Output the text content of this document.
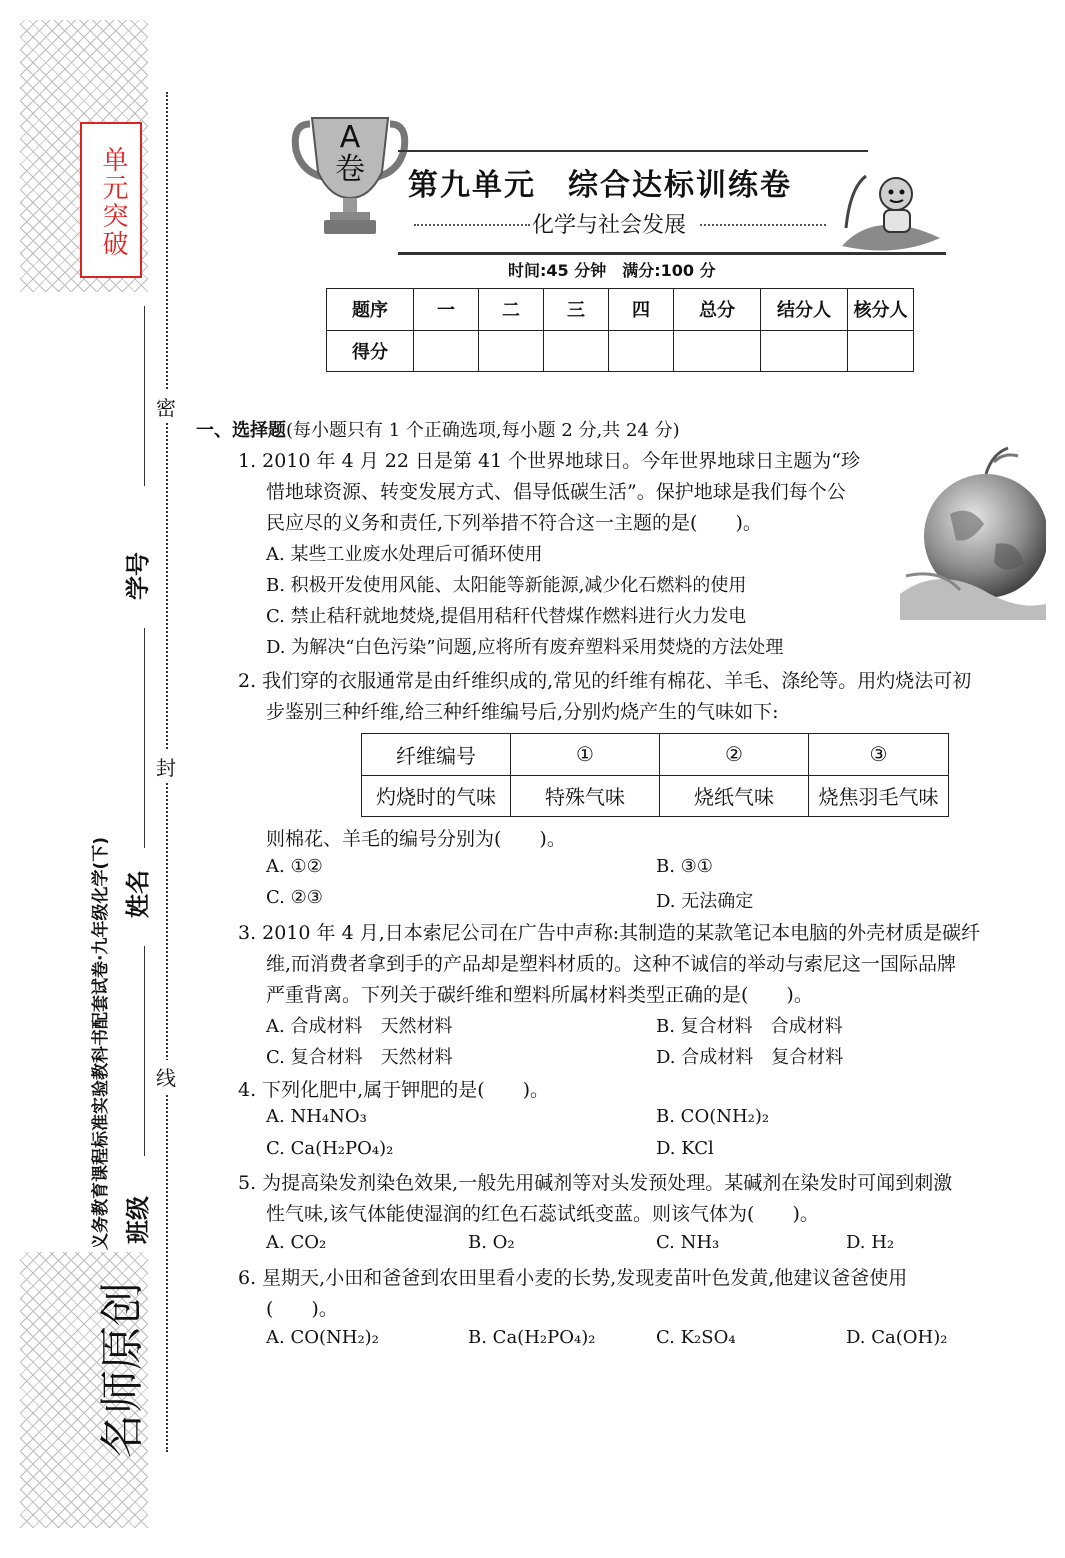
单元突破
学号
姓名
班级
义务教育课程标准实验教科书配套试卷·九年级化学(下)
名师原创
密
封
线
A卷 第九单元　综合达标训练卷
化学与社会发展
时间:45 分钟　满分:100 分
题序	一	二	三	四	总分	结分人	核分人
得分							
一、选择题(每小题只有 1 个正确选项,每小题 2 分,共 24 分)
1. 2010 年 4 月 22 日是第 41 个世界地球日。今年世界地球日主题为“珍
惜地球资源、转变发展方式、倡导低碳生活”。保护地球是我们每个公
民应尽的义务和责任,下列举措不符合这一主题的是(　　)。
A. 某些工业废水处理后可循环使用
B. 积极开发使用风能、太阳能等新能源,减少化石燃料的使用
C. 禁止秸秆就地焚烧,提倡用秸秆代替煤作燃料进行火力发电
D. 为解决“白色污染”问题,应将所有废弃塑料采用焚烧的方法处理
2. 我们穿的衣服通常是由纤维织成的,常见的纤维有棉花、羊毛、涤纶等。用灼烧法可初
步鉴别三种纤维,给三种纤维编号后,分别灼烧产生的气味如下:
纤维编号	①	②	③
灼烧时的气味	特殊气味	烧纸气味	烧焦羽毛气味
则棉花、羊毛的编号分别为(　　)。
A. ①②	B. ③①
C. ②③	D. 无法确定
3. 2010 年 4 月,日本索尼公司在广告中声称:其制造的某款笔记本电脑的外壳材质是碳纤
维,而消费者拿到手的产品却是塑料材质的。这种不诚信的举动与索尼这一国际品牌
严重背离。下列关于碳纤维和塑料所属材料类型正确的是(　　)。
A. 合成材料　天然材料	B. 复合材料　合成材料
C. 复合材料　天然材料	D. 合成材料　复合材料
4. 下列化肥中,属于钾肥的是(　　)。
A. NH₄NO₃	B. CO(NH₂)₂
C. Ca(H₂PO₄)₂	D. KCl
5. 为提高染发剂染色效果,一般先用碱剂等对头发预处理。某碱剂在染发时可闻到刺激
性气味,该气体能使湿润的红色石蕊试纸变蓝。则该气体为(　　)。
A. CO₂	B. O₂	C. NH₃	D. H₂
6. 星期天,小田和爸爸到农田里看小麦的长势,发现麦苗叶色发黄,他建议爸爸使用
(　　)。
A. CO(NH₂)₂	B. Ca(H₂PO₄)₂	C. K₂SO₄	D. Ca(OH)₂
